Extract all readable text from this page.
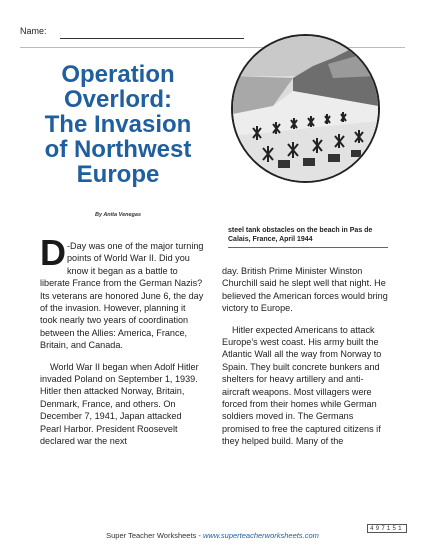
Name:
Operation
Overlord:
The Invasion
of Northwest
Europe
By Anita Venegas
steel tank obstacles on the beach in Pas de Calais, France, April 1944

D -Day was one of the major turning points of World War II. Did you know it began as a battle to liberate France from the German Nazis? Its veterans are honored June 6, the day of the invasion. However, planning it took nearly two years of coordination between the Allies: America, France, Britain, and Canada.

World War II began when Adolf Hitler invaded Poland on September 1, 1939. Hitler then attacked Norway, Britain, Denmark, France, and others. On December 7, 1941, Japan attacked Pearl Harbor. President Roosevelt declared war the next

day. British Prime Minister Winston Churchill said he slept well that night. He believed the American forces would bring victory to Europe.

Hitler expected Americans to attack Europe’s west coast. His army built the Atlantic Wall all the way from Norway to Spain. They built concrete bunkers and shelters for heavy artillery and anti-aircraft weapons. Most villagers were forced from their homes while German soldiers moved in. The Germans promised to free the captured citizens if they helped build. Many of the

497151
Super Teacher Worksheets - www.superteacherworksheets.com
